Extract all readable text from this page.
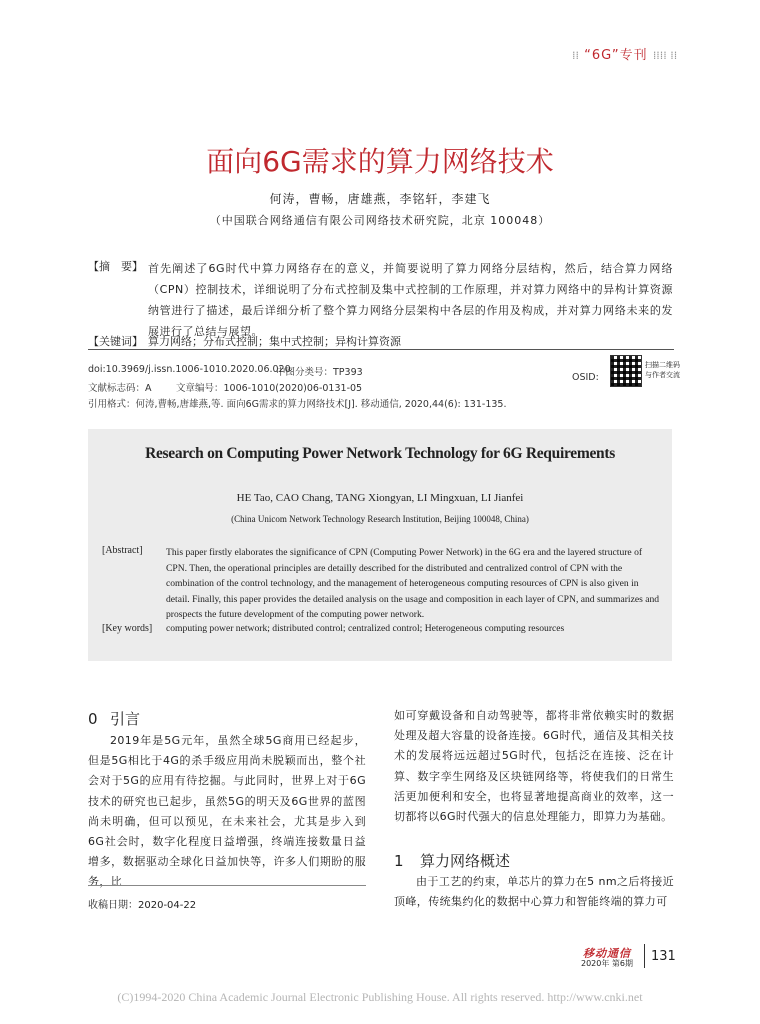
⁞⁞ “6G”专刊 ⁞⁞⁞⁞ ⁞⁞
面向6G需求的算力网络技术
何涛，曹畅，唐雄燕，李铭轩，李建飞
（中国联合网络通信有限公司网络技术研究院，北京 100048）
【摘　要】 首先阐述了6G时代中算力网络存在的意义，并简要说明了算力网络分层结构，然后，结合算力网络（CPN）控制技术，详细说明了分布式控制及集中式控制的工作原理，并对算力网络中的异构计算资源纳管进行了描述，最后详细分析了整个算力网络分层架构中各层的作用及构成，并对算力网络未来的发展进行了总结与展望。
【关键词】 算力网络；分布式控制；集中式控制；异构计算资源
doi:10.3969/j.issn.1006-1010.2020.06.020
中图分类号：TP393
文献标志码：A	文章编号：1006-1010(2020)06-0131-05
引用格式：何涛,曹畅,唐雄燕,等. 面向6G需求的算力网络技术[J]. 移动通信, 2020,44(6): 131-135.
OSID:
扫描二维码与作者交流
Research on Computing Power Network Technology for 6G Requirements
HE Tao, CAO Chang, TANG Xiongyan, LI Mingxuan, LI Jianfei
(China Unicom Network Technology Research Institution, Beijing 100048, China)
[Abstract] This paper firstly elaborates the significance of CPN (Computing Power Network) in the 6G era and the layered structure of CPN. Then, the operational principles are detailly described for the distributed and centralized control of CPN with the combination of the control technology, and the management of heterogeneous computing resources of CPN is also given in detail. Finally, this paper provides the detailed analysis on the usage and composition in each layer of CPN, and summarizes and prospects the future development of the computing power network.
[Key words] computing power network; distributed control; centralized control; Heterogeneous computing resources
0 引言

2019年是5G元年，虽然全球5G商用已经起步，但是5G相比于4G的杀手级应用尚未脱颖而出，整个社会对于5G的应用有待挖掘。与此同时，世界上对于6G技术的研究也已起步，虽然5G的明天及6G世界的蓝图尚未明确，但可以预见，在未来社会，尤其是步入到6G社会时，数字化程度日益增强，终端连接数量日益增多，数据驱动全球化日益加快等，许多人们期盼的服务，比

如可穿戴设备和自动驾驶等，都将非常依赖实时的数据处理及超大容量的设备连接。6G时代，通信及其相关技术的发展将远远超过5G时代，包括泛在连接、泛在计算、数字孪生网络及区块链网络等，将使我们的日常生活更加便利和安全，也将显著地提高商业的效率，这一切都将以6G时代强大的信息处理能力，即算力为基础。

1 算力网络概述

由于工艺的约束，单芯片的算力在5 nm之后将接近顶峰，传统集约化的数据中心算力和智能终端的算力可

收稿日期：2020-04-22
移动通信
2020年 第6期 131
(C)1994-2020 China Academic Journal Electronic Publishing House. All rights reserved. http://www.cnki.net
